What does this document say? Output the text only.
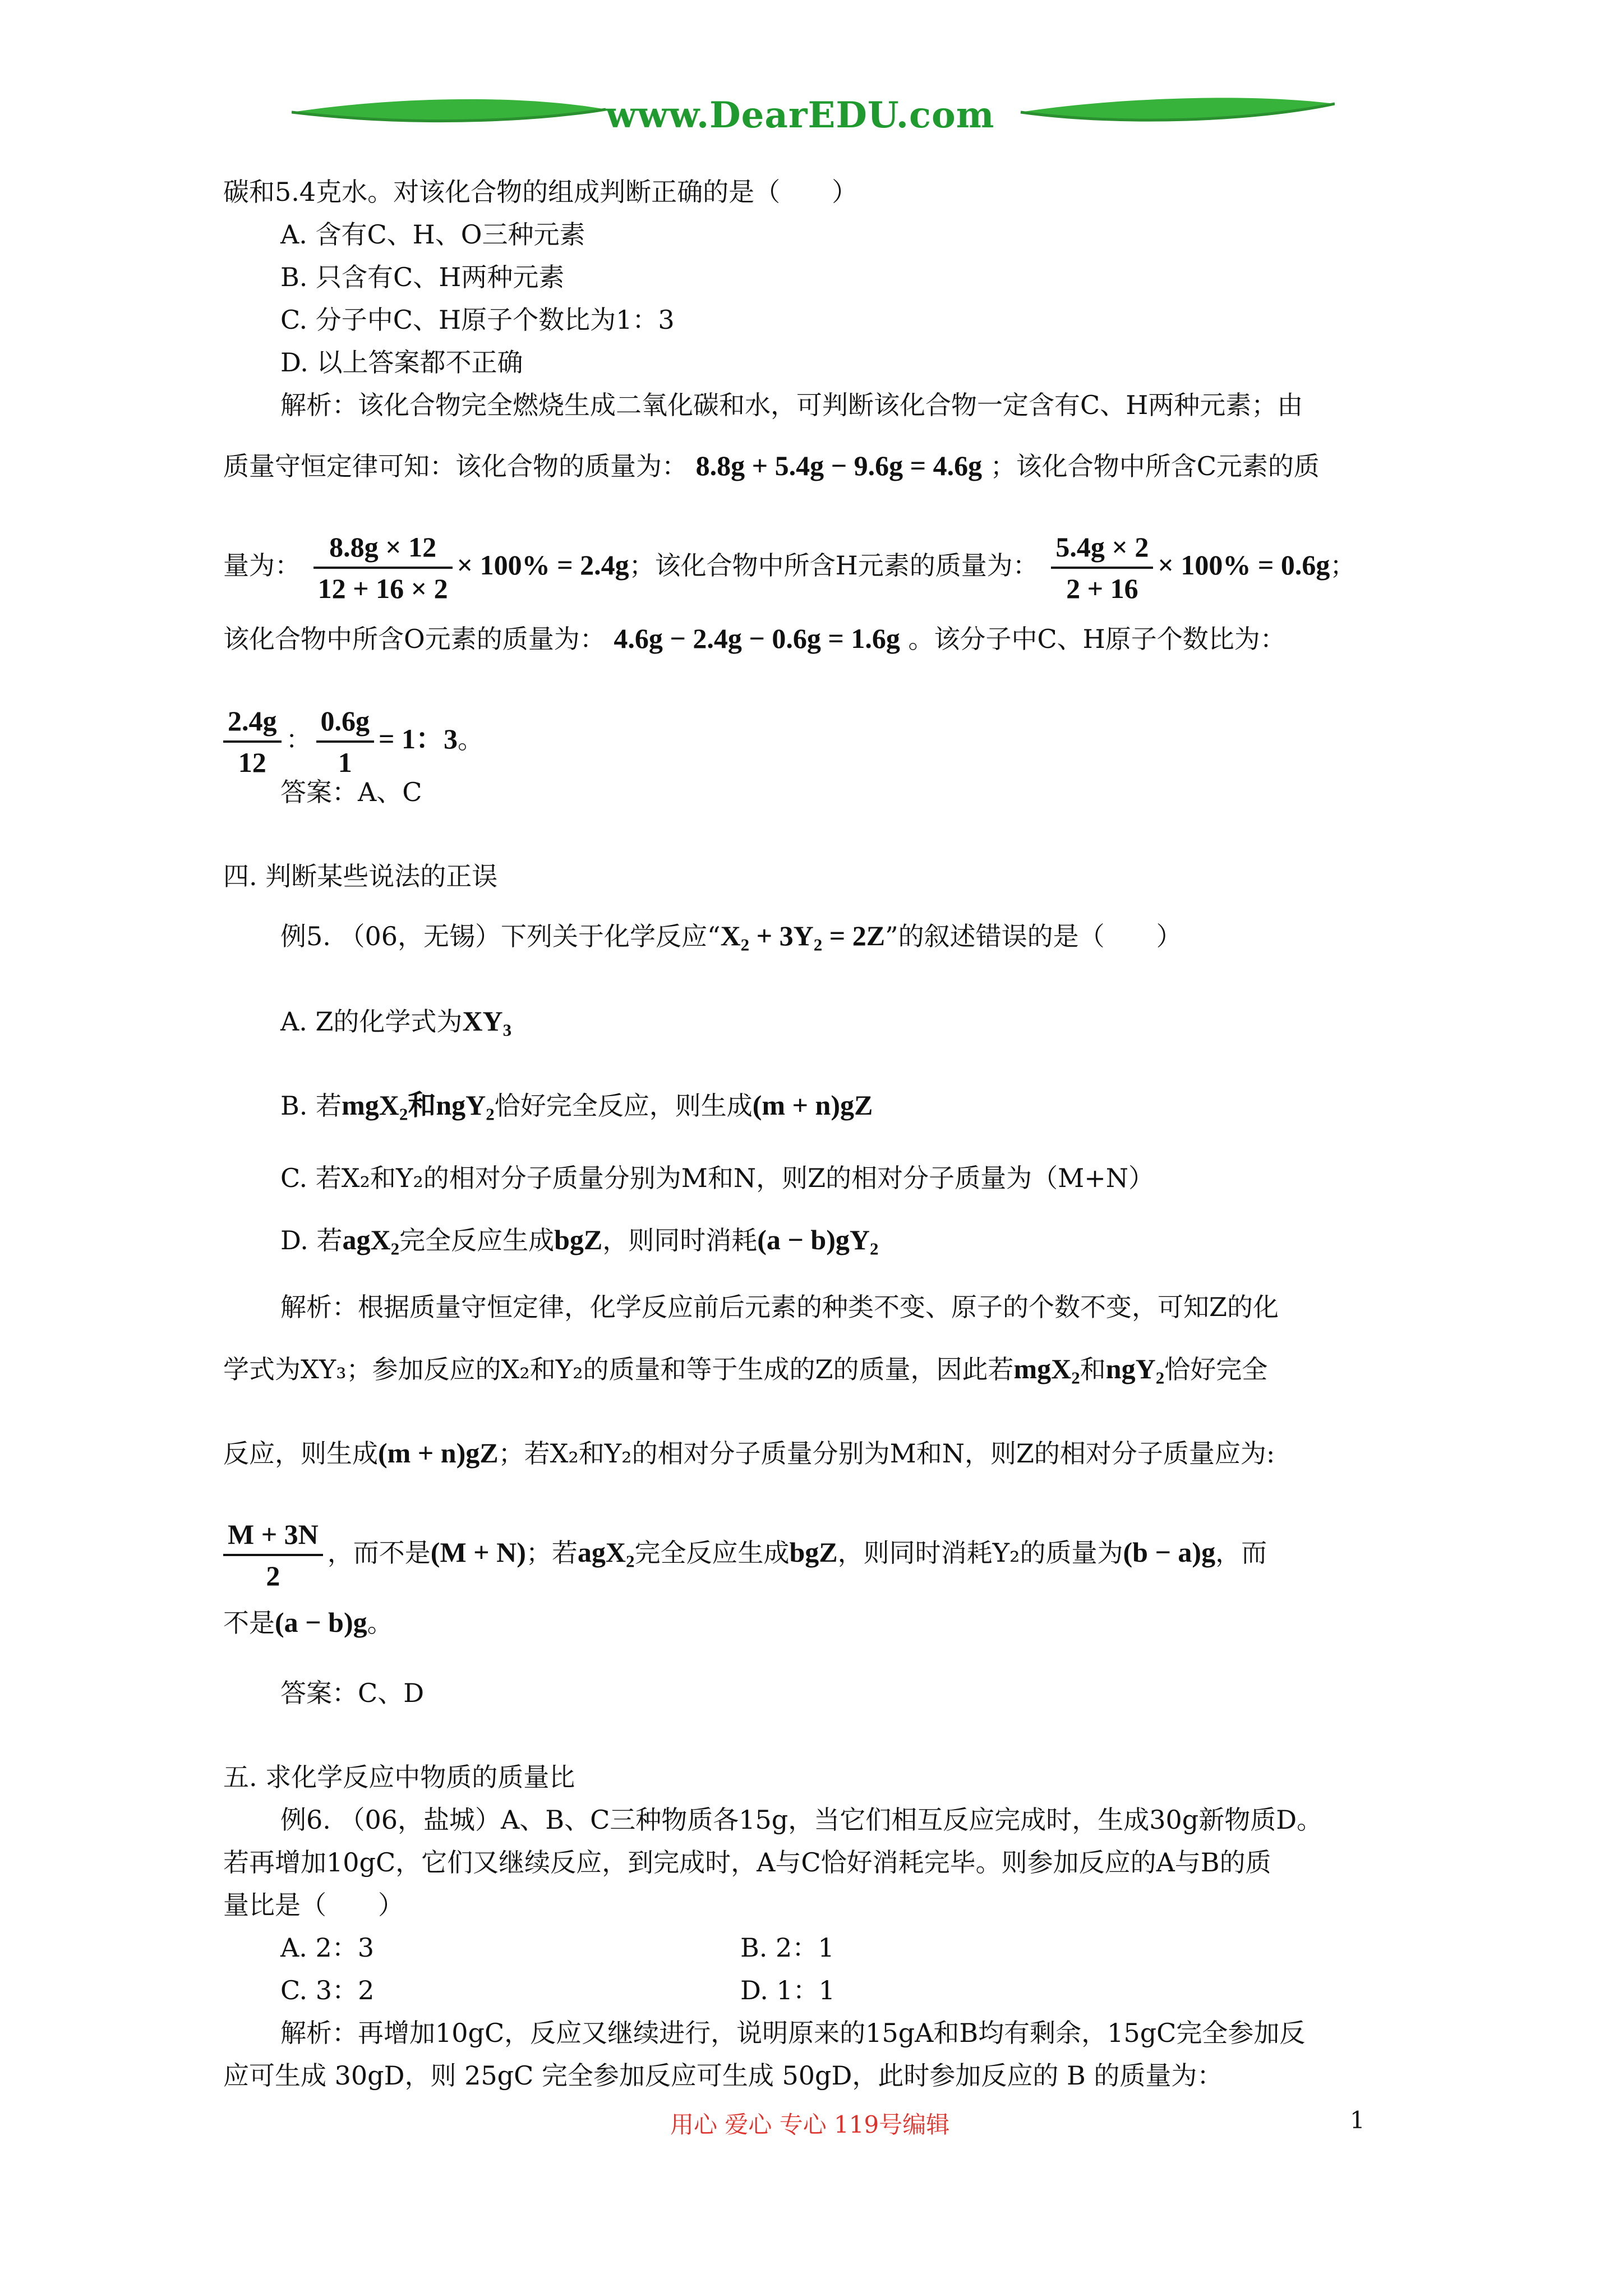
www.DearEDU.com
碳和5.4克水。对该化合物的组成判断正确的是（　　）
A. 含有C、H、O三种元素
B. 只含有C、H两种元素
C. 分子中C、H原子个数比为1：3
D. 以上答案都不正确
解析：该化合物完全燃烧生成二氧化碳和水，可判断该化合物一定含有C、H两种元素；由
质量守恒定律可知：该化合物的质量为： 8.8g + 5.4g − 9.6g = 4.6g ；该化合物中所含C元素的质
量为： $\frac{8.8g \times 12}{12 + 16 \times 2} \times 100\% = 2.4g$；该化合物中所含H元素的质量为： $\frac{5.4g \times 2}{2 + 16} \times 100\% = 0.6g$；
该化合物中所含O元素的质量为： 4.6g − 2.4g − 0.6g = 1.6g 。该分子中C、H原子个数比为：
$\frac{2.4g}{12}$ ： $\frac{0.6g}{1} = 1$：3。
答案：A、C
四. 判断某些说法的正误
例5. （06，无锡）下列关于化学反应“$X_2 + 3Y_2 = 2Z$”的叙述错误的是（　　）
A. Z的化学式为$XY_3$
B. 若mgX$_2$和ngY$_2$恰好完全反应，则生成(m + n)gZ
C. 若X₂和Y₂的相对分子质量分别为M和N，则Z的相对分子质量为（M+N）
D. 若agX$_2$完全反应生成bgZ，则同时消耗$(a - b)gY_2$
解析：根据质量守恒定律，化学反应前后元素的种类不变、原子的个数不变，可知Z的化
学式为XY₃；参加反应的X₂和Y₂的质量和等于生成的Z的质量，因此若mgX$_2$和ngY$_2$恰好完全
反应，则生成(m + n)gZ；若X₂和Y₂的相对分子质量分别为M和N，则Z的相对分子质量应为:
$\frac{M + 3N}{2}$ ，而不是(M + N)；若agX$_2$完全反应生成bgZ，则同时消耗Y₂的质量为(b − a)g，而
不是(a − b)g。
答案：C、D
五. 求化学反应中物质的质量比
例6. （06，盐城）A、B、C三种物质各15g，当它们相互反应完成时，生成30g新物质D。
若再增加10gC，它们又继续反应，到完成时，A与C恰好消耗完毕。则参加反应的A与B的质
量比是（　　）
A. 2：3	B. 2：1
C. 3：2	D. 1：1
解析：再增加10gC，反应又继续进行，说明原来的15gA和B均有剩余，15gC完全参加反
应可生成 30gD，则 25gC 完全参加反应可生成 50gD，此时参加反应的 B 的质量为：
用心 爱心 专心 119号编辑	1
